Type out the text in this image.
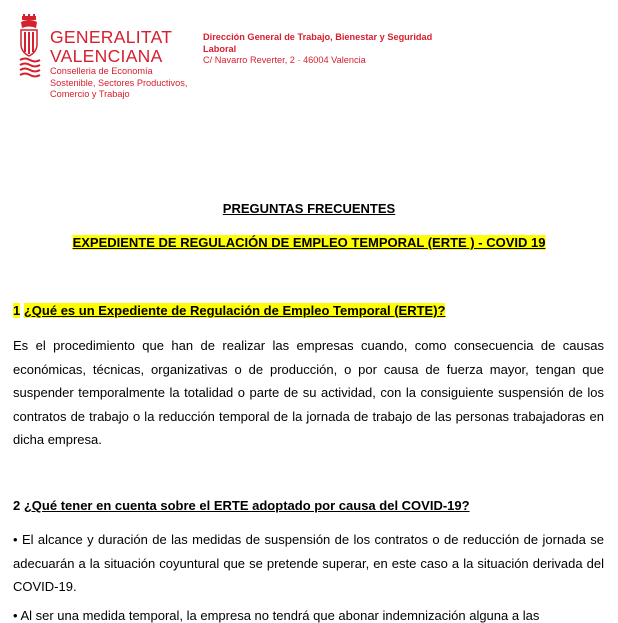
GENERALITAT
VALENCIANA
Conselleria de Economía
Sostenible, Sectores Productivos,
Comercio y Trabajo
Dirección General de Trabajo, Bienestar y Seguridad
Laboral
C/ Navarro Reverter, 2 · 46004 Valencia
PREGUNTAS FRECUENTES
EXPEDIENTE DE REGULACIÓN DE EMPLEO TEMPORAL (ERTE ) - COVID 19
1 ¿Qué es un Expediente de Regulación de Empleo Temporal (ERTE)?
Es el procedimiento que han de realizar las empresas cuando, como consecuencia de causas económicas, técnicas, organizativas o de producción, o por causa de fuerza mayor, tengan que suspender temporalmente la totalidad o parte de su actividad, con la consiguiente suspensión de los contratos de trabajo o la reducción temporal de la jornada de trabajo de las personas trabajadoras en dicha empresa.
2 ¿Qué tener en cuenta sobre el ERTE adoptado por causa del COVID-19?
• El alcance y duración de las medidas de suspensión de los contratos o de reducción de jornada se adecuarán a la situación coyuntural que se pretende superar, en este caso a la situación derivada del COVID-19.
• Al ser una medida temporal, la empresa no tendrá que abonar indemnización alguna a las
